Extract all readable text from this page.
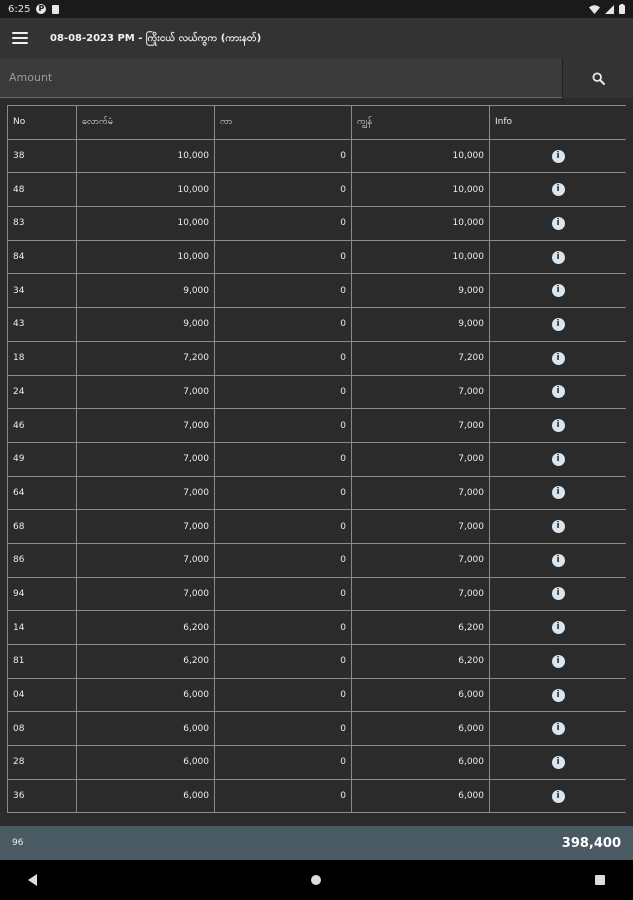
6:25 P
08-08-2023 PM - ကြိုးငယ် လယ်ကွက (ကားနတ်)
Amount
No	လောက်မံ	ကာ	ကျွန်	Info
38	10,000	0	10,000	i
48	10,000	0	10,000	i
83	10,000	0	10,000	i
84	10,000	0	10,000	i
34	9,000	0	9,000	i
43	9,000	0	9,000	i
18	7,200	0	7,200	i
24	7,000	0	7,000	i
46	7,000	0	7,000	i
49	7,000	0	7,000	i
64	7,000	0	7,000	i
68	7,000	0	7,000	i
86	7,000	0	7,000	i
94	7,000	0	7,000	i
14	6,200	0	6,200	i
81	6,200	0	6,200	i
04	6,000	0	6,000	i
08	6,000	0	6,000	i
28	6,000	0	6,000	i
36	6,000	0	6,000	i
96	398,400
